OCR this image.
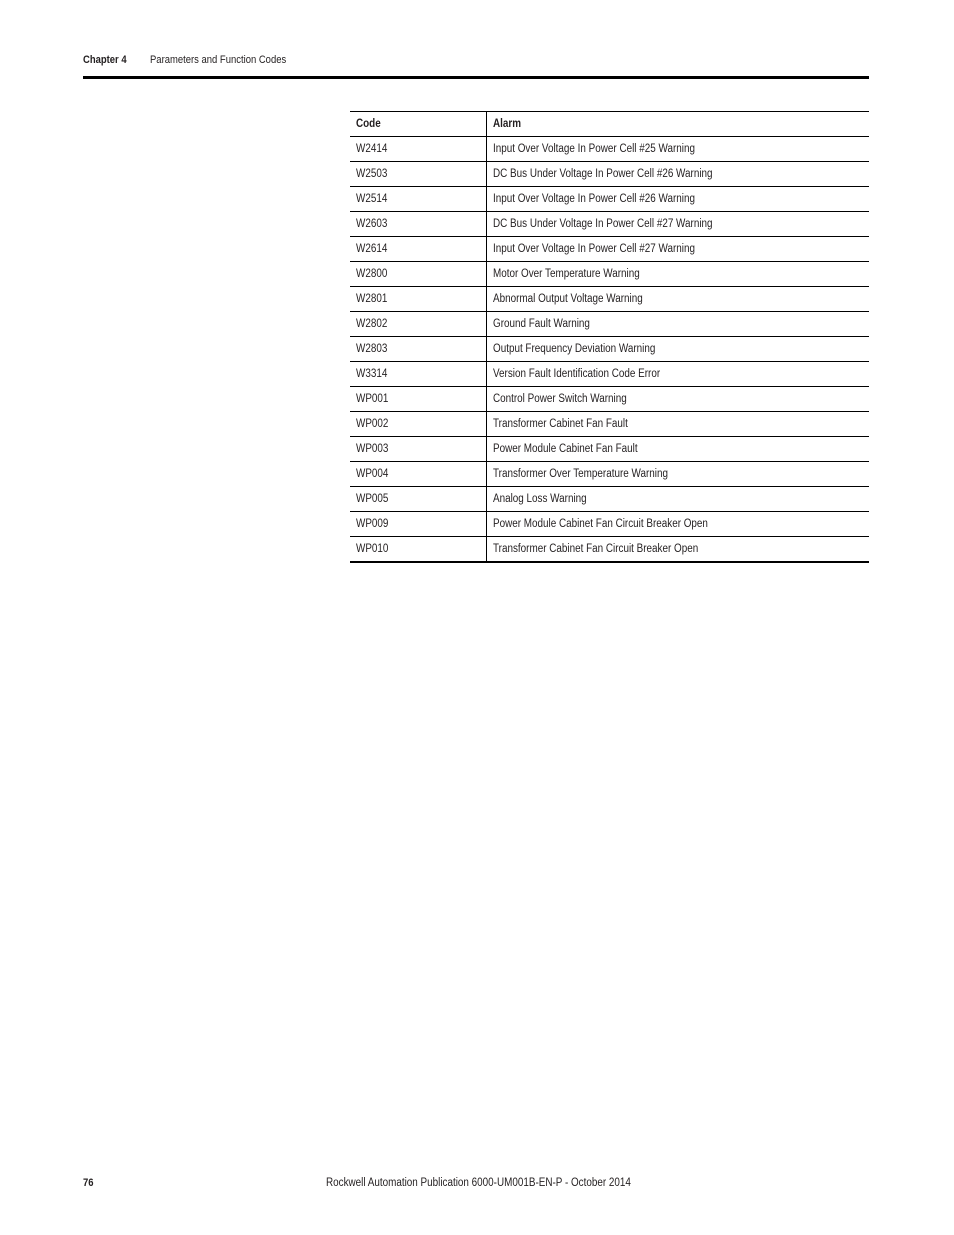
Chapter 4 Parameters and Function Codes
Code	Alarm
W2414	Input Over Voltage In Power Cell #25 Warning
W2503	DC Bus Under Voltage In Power Cell #26 Warning
W2514	Input Over Voltage In Power Cell #26 Warning
W2603	DC Bus Under Voltage In Power Cell #27 Warning
W2614	Input Over Voltage In Power Cell #27 Warning
W2800	Motor Over Temperature Warning
W2801	Abnormal Output Voltage Warning
W2802	Ground Fault Warning
W2803	Output Frequency Deviation Warning
W3314	Version Fault Identification Code Error
WP001	Control Power Switch Warning
WP002	Transformer Cabinet Fan Fault
WP003	Power Module Cabinet Fan Fault
WP004	Transformer Over Temperature Warning
WP005	Analog Loss Warning
WP009	Power Module Cabinet Fan Circuit Breaker Open
WP010	Transformer Cabinet Fan Circuit Breaker Open
76	Rockwell Automation Publication 6000-UM001B-EN-P - October 2014
